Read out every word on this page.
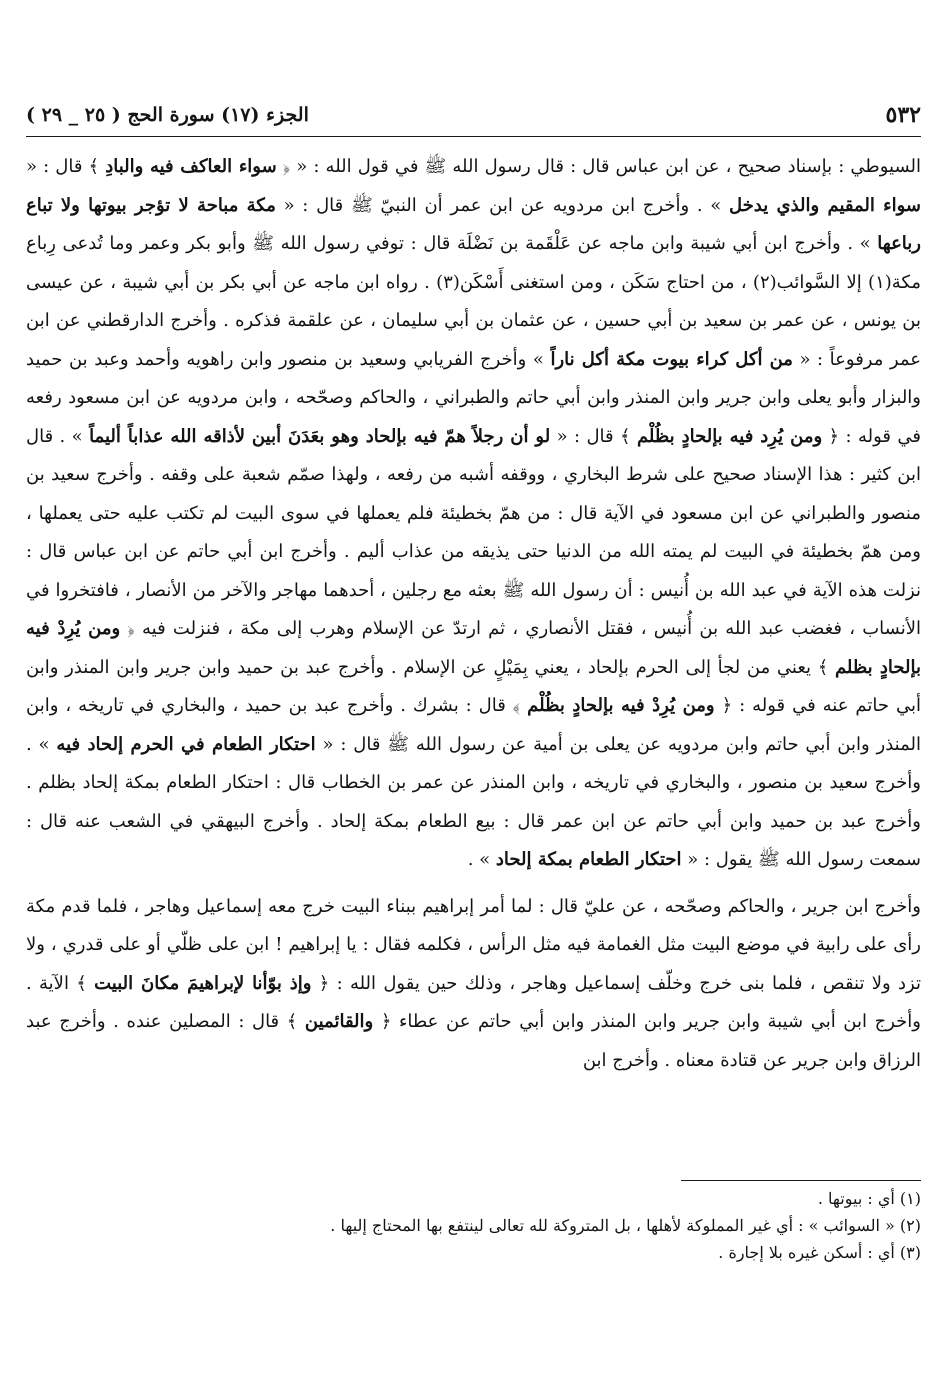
٥٣٢
الجزء (١٧) سورة الحج ( ٢٥ _ ٢٩ )

السيوطي : بإسناد صحيح ، عن ابن عباس قال : قال رسول الله ﷺ في قول الله : « ﴿ سواء العاكف فيه والبادِ ﴾ قال : « سواء المقيم والذي يدخل » . وأخرج ابن مردويه عن ابن عمر أن النبيّ ﷺ قال : « مكة مباحة لا تؤجر بيوتها ولا تباع رباعها » . وأخرج ابن أبي شيبة وابن ماجه عن عَلْقَمة بن نَضْلَة قال : توفي رسول الله ﷺ وأبو بكر وعمر وما تُدعى رِباع مكة(١) إلا السَّوائب(٢) ، من احتاج سَكَن ، ومن استغنى أَسْكَن(٣) . رواه ابن ماجه عن أبي بكر بن أبي شيبة ، عن عيسى بن يونس ، عن عمر بن سعيد بن أبي حسين ، عن عثمان بن أبي سليمان ، عن علقمة فذكره . وأخرج الدارقطني عن ابن عمر مرفوعاً : « من أكل كراء بيوت مكة أكل ناراً » وأخرج الفريابي وسعيد بن منصور وابن راهويه وأحمد وعبد بن حميد والبزار وأبو يعلى وابن جرير وابن المنذر وابن أبي حاتم والطبراني ، والحاكم وصحّحه ، وابن مردويه عن ابن مسعود رفعه في قوله : ﴿ ومن يُرِد فيه بإلحادٍ بظُلْم ﴾ قال : « لو أن رجلاً همّ فيه بإلحاد وهو بعَدَنَ أبين لأذاقه الله عذاباً أليماً » . قال ابن كثير : هذا الإسناد صحيح على شرط البخاري ، ووقفه أشبه من رفعه ، ولهذا صمّم شعبة على وقفه . وأخرج سعيد بن منصور والطبراني عن ابن مسعود في الآية قال : من همّ بخطيئة فلم يعملها في سوى البيت لم تكتب عليه حتى يعملها ، ومن همّ بخطيئة في البيت لم يمته الله من الدنيا حتى يذيقه من عذاب أليم . وأخرج ابن أبي حاتم عن ابن عباس قال : نزلت هذه الآية في عبد الله بن أُنيس : أن رسول الله ﷺ بعثه مع رجلين ، أحدهما مهاجر والآخر من الأنصار ، فافتخروا في الأنساب ، فغضب عبد الله بن أُنيس ، فقتل الأنصاري ، ثم ارتدّ عن الإسلام وهرب إلى مكة ، فنزلت فيه ﴿ ومن يُرِدْ فيه بإلحادٍ بظلم ﴾ يعني من لجأ إلى الحرم بإلحاد ، يعني بِمَيْلٍ عن الإسلام . وأخرج عبد بن حميد وابن جرير وابن المنذر وابن أبي حاتم عنه في قوله : ﴿ ومن يُرِدْ فيه بإلحادٍ بظُلْم ﴾ قال : بشرك . وأخرج عبد بن حميد ، والبخاري في تاريخه ، وابن المنذر وابن أبي حاتم وابن مردويه عن يعلى بن أمية عن رسول الله ﷺ قال : « احتكار الطعام في الحرم إلحاد فيه » . وأخرج سعيد بن منصور ، والبخاري في تاريخه ، وابن المنذر عن عمر بن الخطاب قال : احتكار الطعام بمكة إلحاد بظلم . وأخرج عبد بن حميد وابن أبي حاتم عن ابن عمر قال : بيع الطعام بمكة إلحاد . وأخرج البيهقي في الشعب عنه قال : سمعت رسول الله ﷺ يقول : « احتكار الطعام بمكة إلحاد » .

وأخرج ابن جرير ، والحاكم وصحّحه ، عن عليّ قال : لما أمر إبراهيم ببناء البيت خرج معه إسماعيل وهاجر ، فلما قدم مكة رأى على رابية في موضع البيت مثل الغمامة فيه مثل الرأس ، فكلمه فقال : يا إبراهيم ! ابن على ظلّي أو على قدري ، ولا تزد ولا تنقص ، فلما بنى خرج وخلّف إسماعيل وهاجر ، وذلك حين يقول الله : ﴿ وإذ بوّأنا لإبراهيمَ مكانَ البيت ﴾ الآية . وأخرج ابن أبي شيبة وابن جرير وابن المنذر وابن أبي حاتم عن عطاء ﴿ والقائمين ﴾ قال : المصلين عنده . وأخرج عبد الرزاق وابن جرير عن قتادة معناه . وأخرج ابن

(١) أي : بيوتها .

(٢) « السوائب » : أي غير المملوكة لأهلها ، بل المتروكة لله تعالى لينتفع بها المحتاج إليها .

(٣) أي : أسكن غيره بلا إجارة .
